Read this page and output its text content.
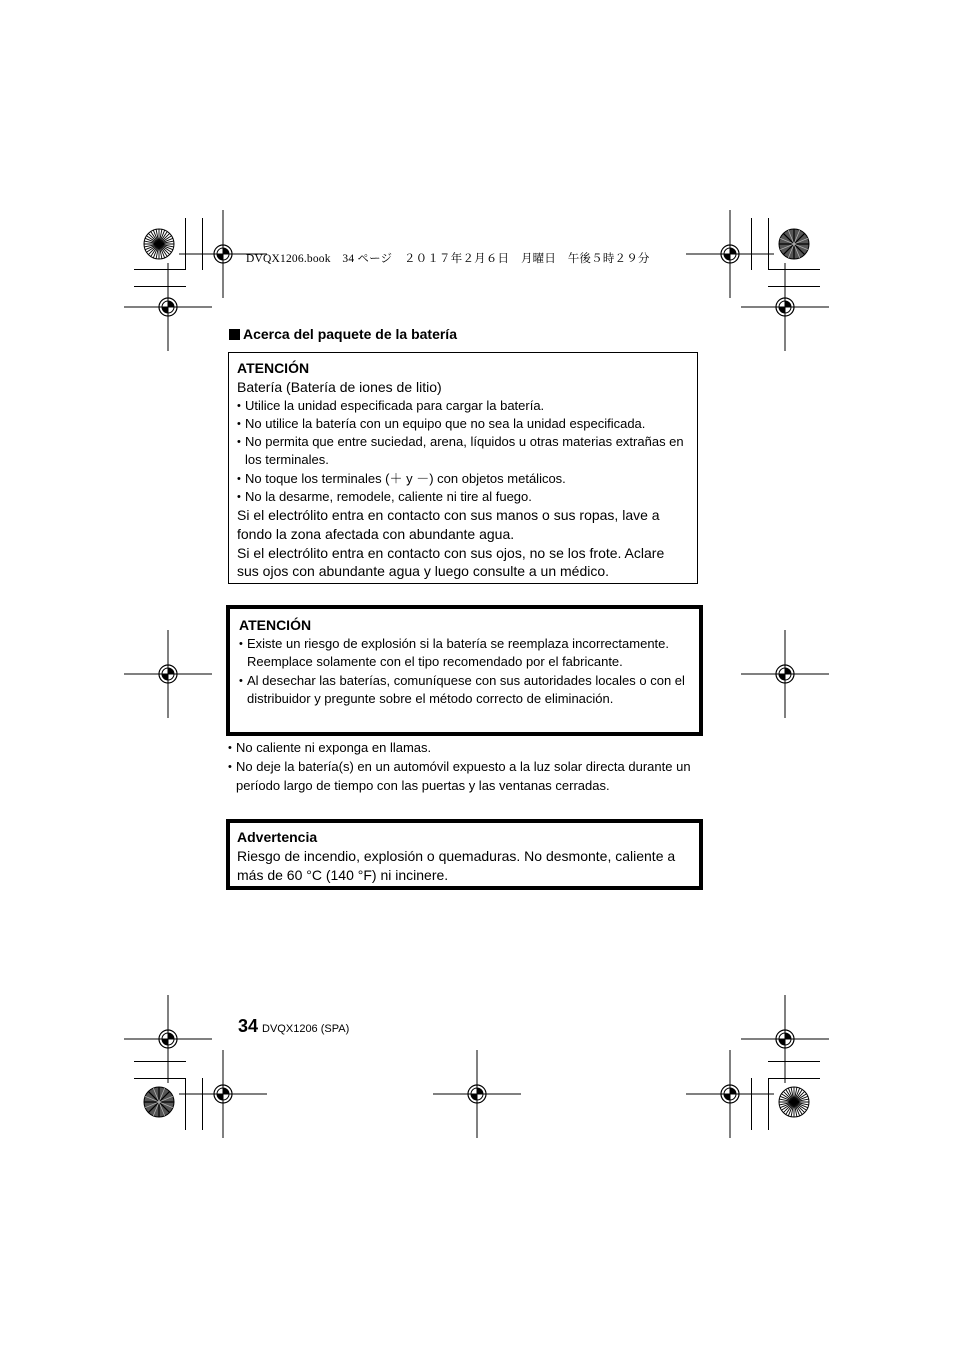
DVQX1206.book　34 ページ　２０１７年２月６日　月曜日　午後５時２９分
Acerca del paquete de la batería
ATENCIÓN
Batería (Batería de iones de litio)
• Utilice la unidad especificada para cargar la batería.
• No utilice la batería con un equipo que no sea la unidad especificada.
• No permita que entre suciedad, arena, líquidos u otras materias extrañas en los terminales.
• No toque los terminales (＋ y －) con objetos metálicos.
• No la desarme, remodele, caliente ni tire al fuego.
Si el electrólito entra en contacto con sus manos o sus ropas, lave a fondo la zona afectada con abundante agua.
Si el electrólito entra en contacto con sus ojos, no se los frote. Aclare sus ojos con abundante agua y luego consulte a un médico.
ATENCIÓN
• Existe un riesgo de explosión si la batería se reemplaza incorrectamente. Reemplace solamente con el tipo recomendado por el fabricante.
• Al desechar las baterías, comuníquese con sus autoridades locales o con el distribuidor y pregunte sobre el método correcto de eliminación.
• No caliente ni exponga en llamas.
• No deje la batería(s) en un automóvil expuesto a la luz solar directa durante un período largo de tiempo con las puertas y las ventanas cerradas.
Advertencia
Riesgo de incendio, explosión o quemaduras. No desmonte, caliente a más de 60 °C (140 °F) ni incinere.
34 DVQX1206 (SPA)
